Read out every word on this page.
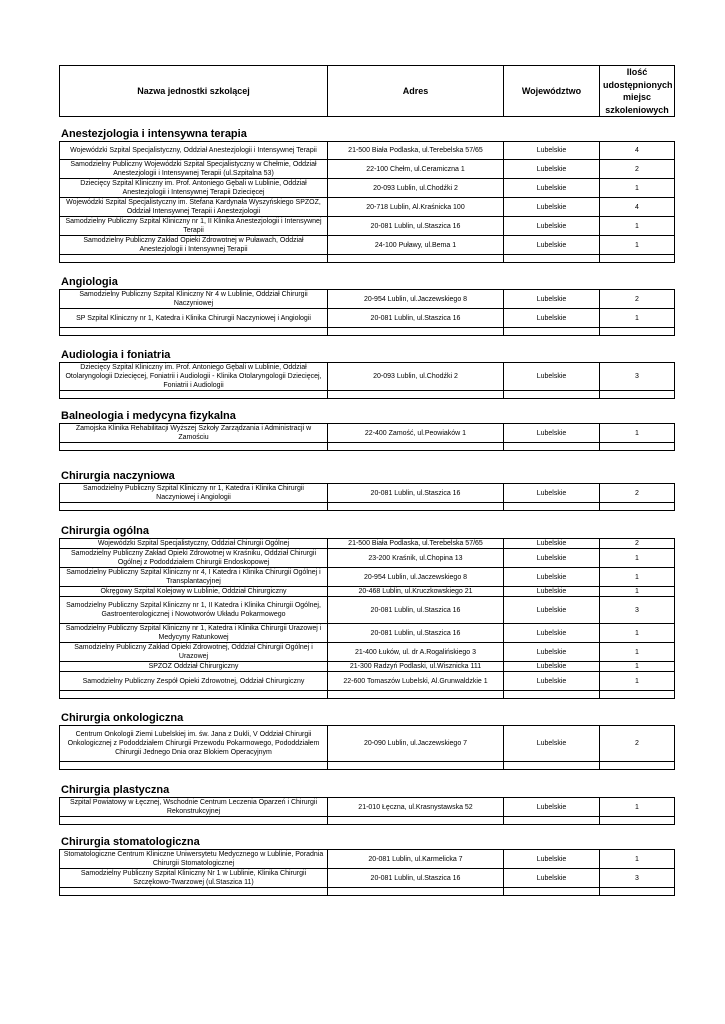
Nazwa jednostki szkolącej	Adres	Województwo	Ilość udostępnionych miejsc szkoleniowych
Anestezjologia i intensywna terapia
Wojewódzki Szpital Specjalistyczny, Oddział Anestezjologii i Intensywnej Terapii	21-500 Biała Podlaska, ul.Terebelska 57/65	Lubelskie	4
Samodzielny Publiczny Wojewódzki Szpital Specjalistyczny w Chełmie, Oddział Anestezjologii i Intensywnej Terapii (ul.Szpitalna 53)	22-100 Chełm, ul.Ceramiczna 1	Lubelskie	2
Dziecięcy Szpital Kliniczny im. Prof. Antoniego Gębali w Lublinie, Oddział Anestezjologii i Intensywnej Terapii Dziecięcej	20-093 Lublin, ul.Chodźki 2	Lubelskie	1
Wojewódzki Szpital Specjalistyczny im. Stefana Kardynała Wyszyńskiego SPZOZ, Oddział Intensywnej Terapii i Anestezjologii	20-718 Lublin, Al.Kraśnicka 100	Lubelskie	4
Samodzielny Publiczny Szpital Kliniczny nr 1, II Klinika Anestezjologii i Intensywnej Terapii	20-081 Lublin, ul.Staszica 16	Lubelskie	1
Samodzielny Publiczny Zakład Opieki Zdrowotnej w Puławach, Oddział Anestezjologii i Intensywnej Terapii	24-100 Puławy, ul.Bema 1	Lubelskie	1

Angiologia
Samodzielny Publiczny Szpital Kliniczny Nr 4 w Lublinie, Oddział Chirurgii Naczyniowej	20-954 Lublin, ul.Jaczewskiego 8	Lubelskie	2
SP Szpital Kliniczny nr 1, Katedra i Klinika Chirurgii Naczyniowej i Angiologii	20-081 Lublin, ul.Staszica 16	Lubelskie	1

Audiologia i foniatria
Dziecięcy Szpital Kliniczny im. Prof. Antoniego Gębali w Lublinie, Oddział Otolaryngologii Dziecięcej, Foniatrii i Audiologii - Klinika Otolaryngologii Dziecięcej, Foniatrii i Audiologii	20-093 Lublin, ul.Chodźki 2	Lubelskie	3

Balneologia i medycyna fizykalna
Zamojska Klinika Rehabilitacji Wyższej Szkoły Zarządzania i Administracji w Zamościu	22-400 Zamość, ul.Peowiaków 1	Lubelskie	1

Chirurgia naczyniowa
Samodzielny Publiczny Szpital Kliniczny nr 1, Katedra i Klinika Chirurgii Naczyniowej i Angiologii	20-081 Lublin, ul.Staszica 16	Lubelskie	2

Chirurgia ogólna
Wojewódzki Szpital Specjalistyczny, Oddział Chirurgii Ogólnej	21-500 Biała Podlaska, ul.Terebelska 57/65	Lubelskie	2
Samodzielny Publiczny Zakład Opieki Zdrowotnej w Kraśniku, Oddział Chirurgii Ogólnej z Pododdziałem Chirurgii Endoskopowej	23-200 Kraśnik, ul.Chopina 13	Lubelskie	1
Samodzielny Publiczny Szpital Kliniczny nr 4, I Katedra i Klinika Chirurgii Ogólnej i Transplantacyjnej	20-954 Lublin, ul.Jaczewskiego 8	Lubelskie	1
Okręgowy Szpital Kolejowy w Lublinie, Oddział Chirurgiczny	20-468 Lublin, ul.Kruczkowskiego 21	Lubelskie	1
Samodzielny Publiczny Szpital Kliniczny nr 1, II Katedra i Klinika Chirurgii Ogólnej, Gastroenterologicznej i Nowotworów Układu Pokarmowego	20-081 Lublin, ul.Staszica 16	Lubelskie	3
Samodzielny Publiczny Szpital Kliniczny nr 1, Katedra i Klinika Chirurgii Urazowej i Medycyny Ratunkowej	20-081 Lublin, ul.Staszica 16	Lubelskie	1
Samodzielny Publiczny Zakład Opieki Zdrowotnej, Oddział Chirurgii Ogólnej i Urazowej	21-400 Łuków, ul. dr A.Rogalińskiego 3	Lubelskie	1
SPZOZ Oddział Chirurgiczny	21-300 Radzyń Podlaski, ul.Wisznicka 111	Lubelskie	1
Samodzielny Publiczny Zespół Opieki Zdrowotnej, Oddział Chirurgiczny	22-600 Tomaszów Lubelski, Al.Grunwaldzkie 1	Lubelskie	1

Chirurgia onkologiczna
Centrum Onkologii Ziemi Lubelskiej im. św. Jana z Dukli, V Oddział Chirurgii Onkologicznej z Pododdziałem Chirurgii Przewodu Pokarmowego, Pododdziałem Chirurgii Jednego Dnia oraz Blokiem Operacyjnym	20-090 Lublin, ul.Jaczewskiego 7	Lubelskie	2

Chirurgia plastyczna
Szpital Powiatowy w Łęcznej, Wschodnie Centrum Leczenia Oparzeń i Chirurgii Rekonstrukcyjnej	21-010 Łęczna, ul.Krasnystawska 52	Lubelskie	1

Chirurgia stomatologiczna
Stomatologiczne Centrum Kliniczne Uniwersytetu Medycznego w Lublinie, Poradnia Chirurgii Stomatologicznej	20-081 Lublin, ul.Karmelicka 7	Lubelskie	1
Samodzielny Publiczny Szpital Kliniczny Nr 1 w Lublinie, Klinika Chirurgii Szczękowo-Twarzowej (ul.Staszica 11)	20-081 Lublin, ul.Staszica 16	Lubelskie	3
